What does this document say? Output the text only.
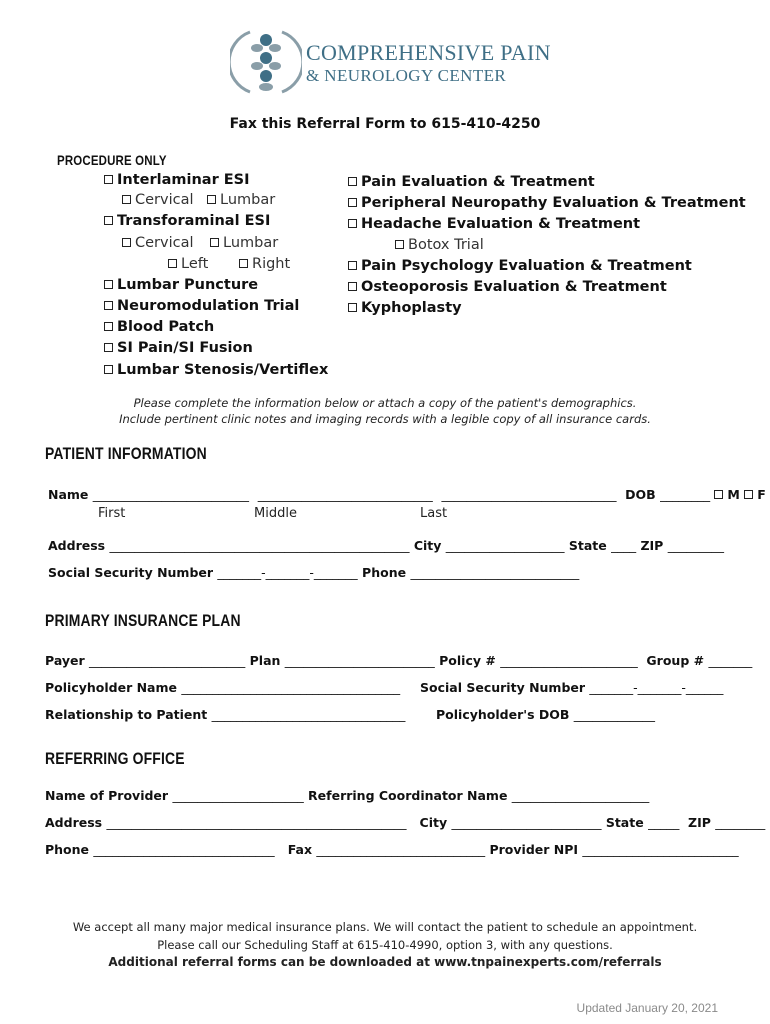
COMPREHENSIVE PAIN
& NEUROLOGY CENTER
Fax this Referral Form to 615-410-4250
PROCEDURE ONLY
Interlaminar ESI
Cervical	Lumbar
Transforaminal ESI
Cervical	Lumbar
Left	Right
Lumbar Puncture
Neuromodulation Trial
Blood Patch
SI Pain/SI Fusion
Lumbar Stenosis/Vertiflex
Pain Evaluation & Treatment
Peripheral Neuropathy Evaluation & Treatment
Headache Evaluation & Treatment
Botox Trial
Pain Psychology Evaluation & Treatment
Osteoporosis Evaluation & Treatment
Kyphoplasty
Please complete the information below or attach a copy of the patient's demographics.
Include pertinent clinic notes and imaging records with a legible copy of all insurance cards.
PATIENT INFORMATION
Name _________________________ ____________________________ ____________________________ DOB ________ M F
First	Middle	Last
Address ________________________________________________ City ___________________ State ____ ZIP _________
Social Security Number _______-_______-_______ Phone ___________________________
PRIMARY INSURANCE PLAN
Payer _________________________ Plan ________________________ Policy # ______________________ Group # _______
Policyholder Name ___________________________________ Social Security Number _______-_______-______
Relationship to Patient _______________________________ Policyholder's DOB _____________
REFERRING OFFICE
Name of Provider _____________________ Referring Coordinator Name ______________________
Address ________________________________________________ City ________________________ State _____ ZIP ________
Phone _____________________________ Fax ___________________________ Provider NPI _________________________
We accept all many major medical insurance plans. We will contact the patient to schedule an appointment.
Please call our Scheduling Staff at 615-410-4990, option 3, with any questions.
Additional referral forms can be downloaded at www.tnpainexperts.com/referrals
Updated January 20, 2021
